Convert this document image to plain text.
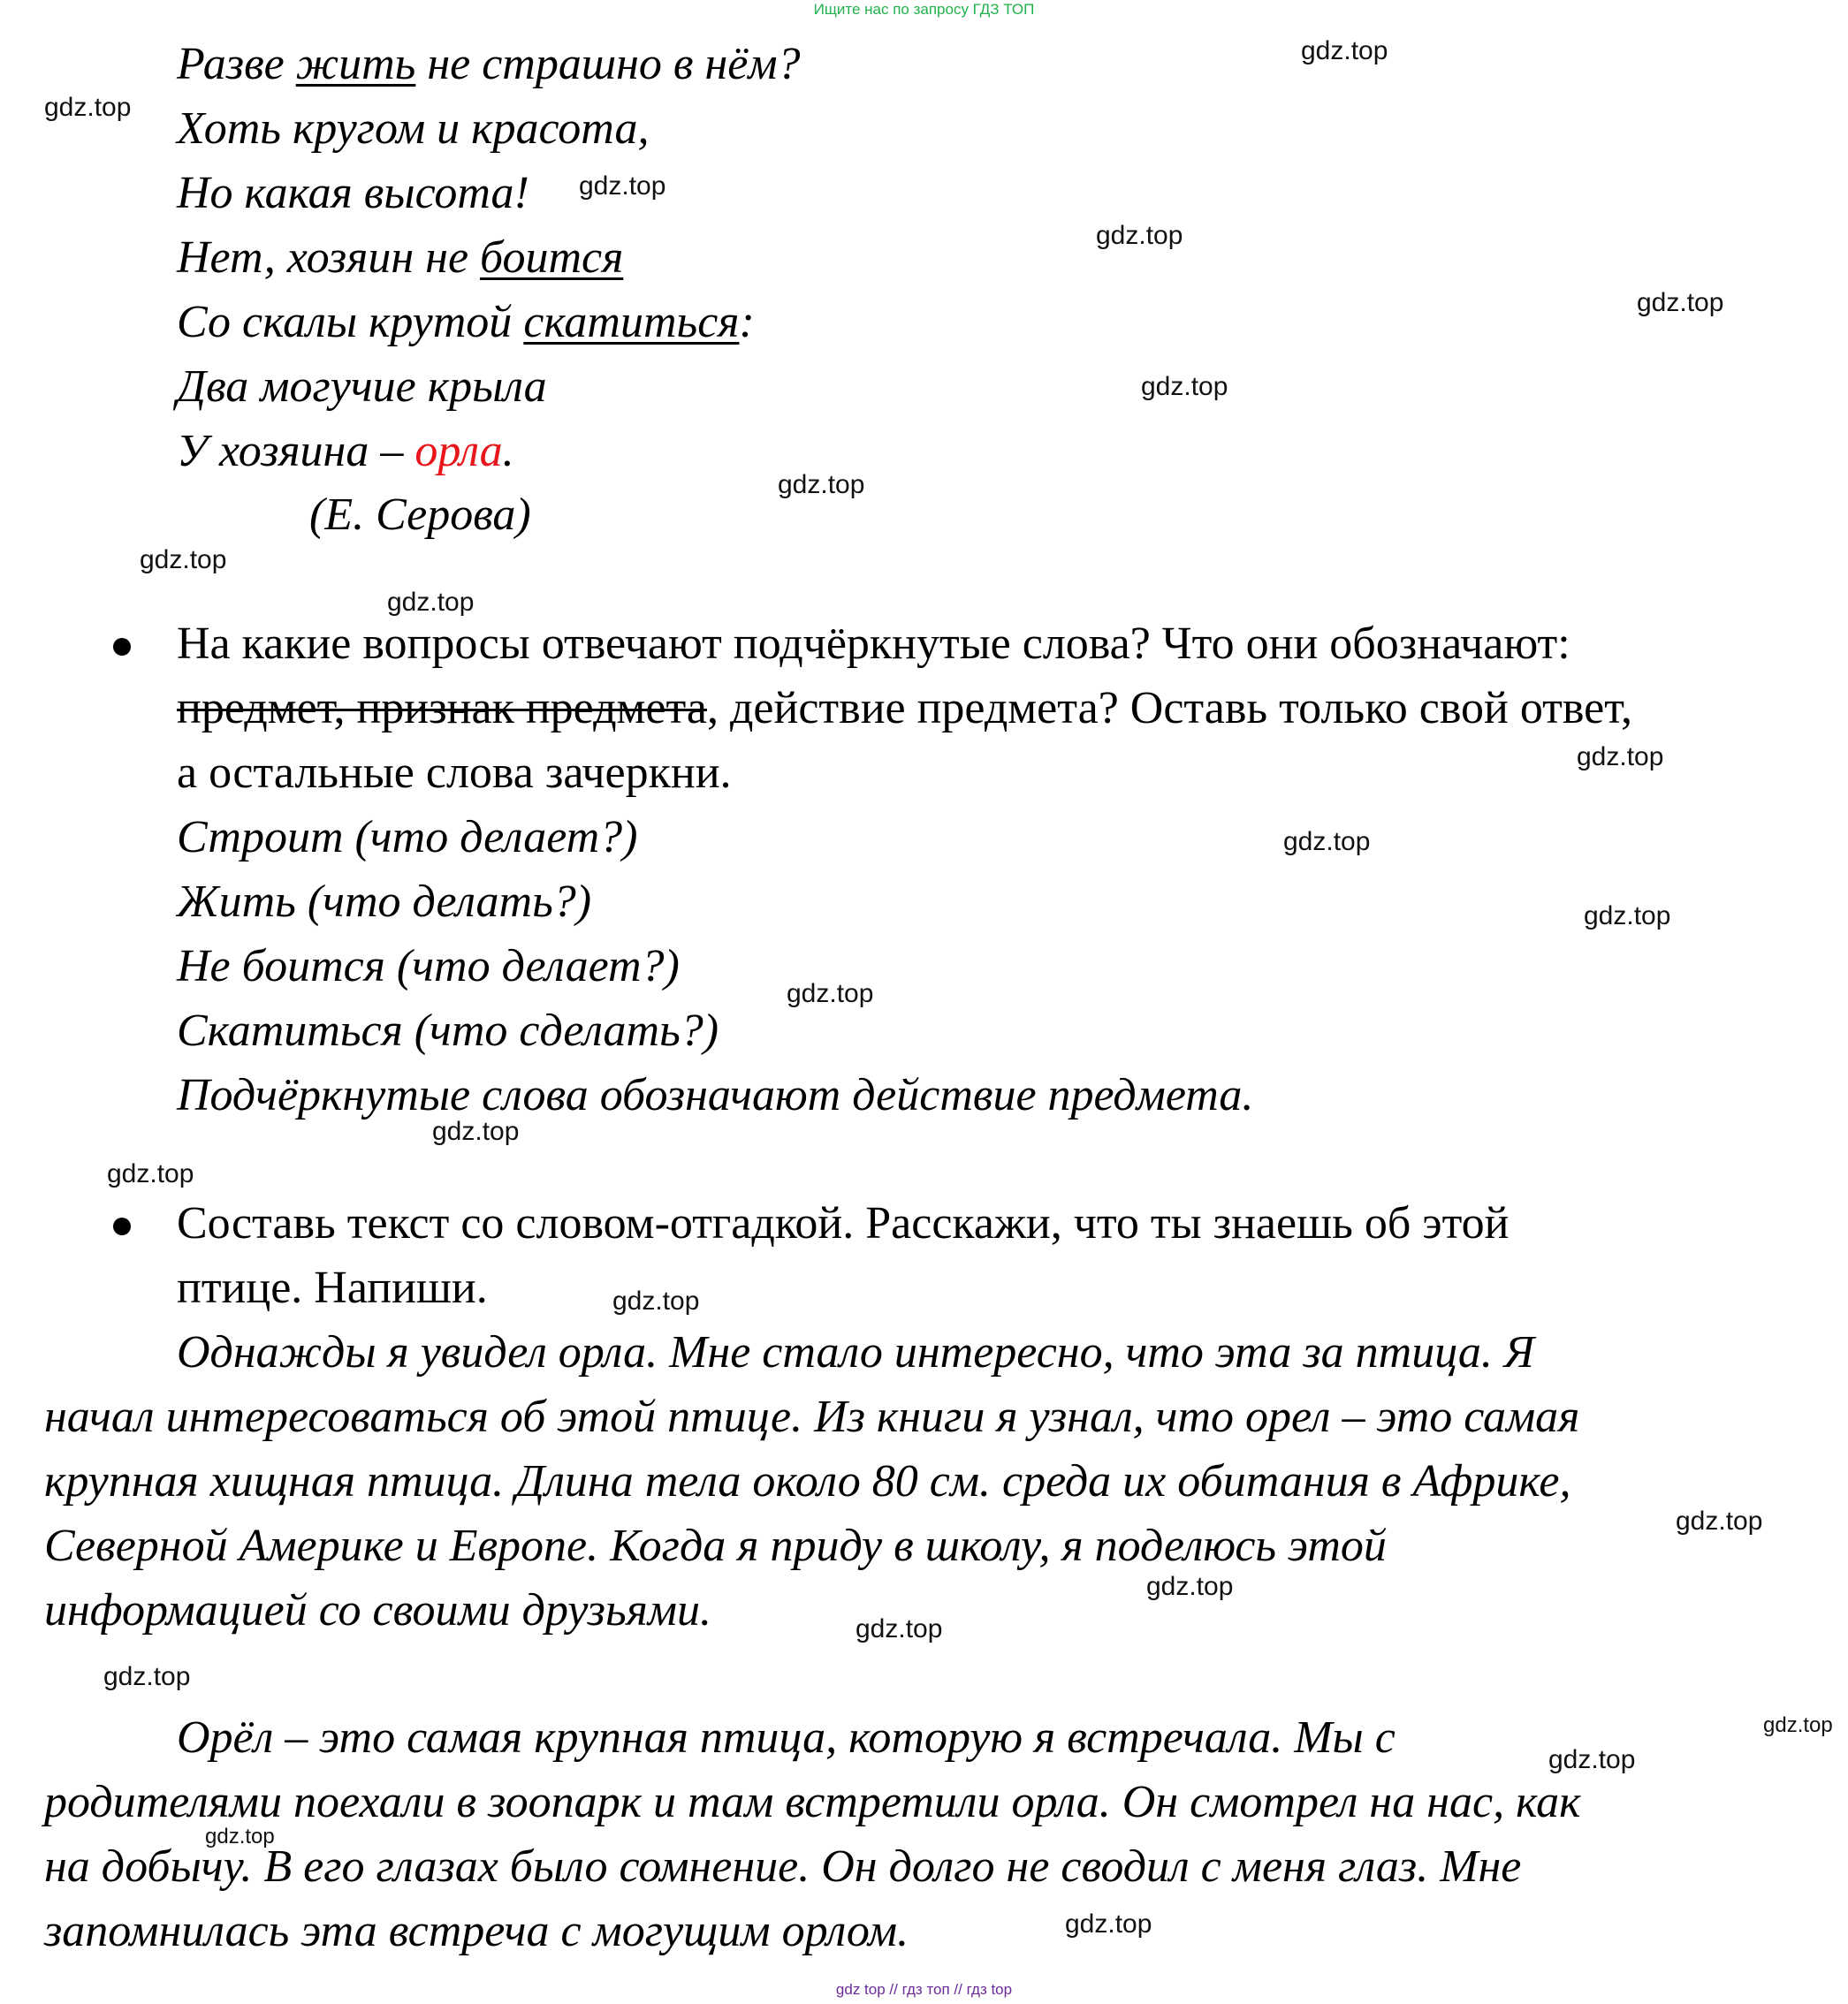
Ищите нас по запросу ГДЗ ТОП
Разве жить не страшно в нём?
Хоть кругом и красота,
Но какая высота!
Нет, хозяин не боится
Со скалы крутой скатиться:
Два могучие крыла
У хозяина – орла.
(Е. Серова)
На какие вопросы отвечают подчёркнутые слова? Что они обозначают:
предмет, признак предмета, действие предмета? Оставь только свой ответ,
а остальные слова зачеркни.
Строит (что делает?)
Жить (что делать?)
Не боится (что делает?)
Скатиться (что сделать?)
Подчёркнутые слова обозначают действие предмета.
Составь текст со словом-отгадкой. Расскажи, что ты знаешь об этой
птице. Напиши.
Однажды я увидел орла. Мне стало интересно, что эта за птица. Я
начал интересоваться об этой птице. Из книги я узнал, что орел – это самая
крупная хищная птица. Длина тела около 80 см. среда их обитания в Африке,
Северной Америке и Европе. Когда я приду в школу, я поделюсь этой
информацией со своими друзьями.
Орёл – это самая крупная птица, которую я встречала. Мы с
родителями поехали в зоопарк и там встретили орла. Он смотрел на нас, как
на добычу. В его глазах было сомнение. Он долго не сводил с меня глаз. Мне
запомнилась эта встреча с могущим орлом.
gdz.top
gdz.top
gdz.top
gdz.top
gdz.top
gdz.top
gdz.top
gdz.top
gdz.top
gdz.top
gdz.top
gdz.top
gdz.top
gdz.top
gdz.top
gdz.top
gdz.top
gdz.top
gdz.top
gdz.top
gdz.top
gdz.top
gdz.top
gdz.top
gdz top // гдз топ // гдз top
